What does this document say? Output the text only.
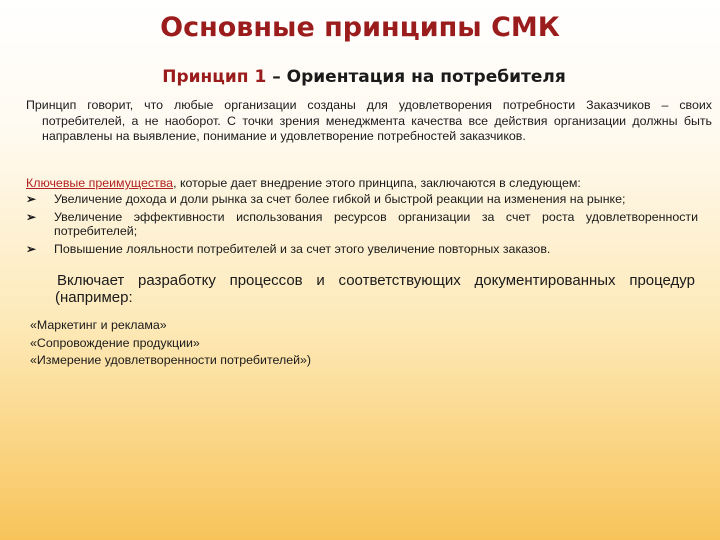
Основные принципы СМК
Принцип 1 – Ориентация на потребителя
Принцип говорит, что любые организации созданы для удовлетворения потребности Заказчиков – своих потребителей, а не наоборот. С точки зрения менеджмента качества все действия организации должны быть направлены на выявление, понимание и удовлетворение потребностей заказчиков.
Ключевые преимущества, которые дает внедрение этого принципа, заключаются в следующем:
➢ Увеличение дохода и доли рынка за счет более гибкой и быстрой реакции на изменения на рынке;
➢ Увеличение эффективности использования ресурсов организации за счет роста удовлетворенности потребителей;
➢ Повышение лояльности потребителей и за счет этого увеличение повторных заказов.
Включает разработку процессов и соответствующих документированных процедур (например:
«Маркетинг и реклама»
«Сопровождение продукции»
«Измерение удовлетворенности потребителей»)
